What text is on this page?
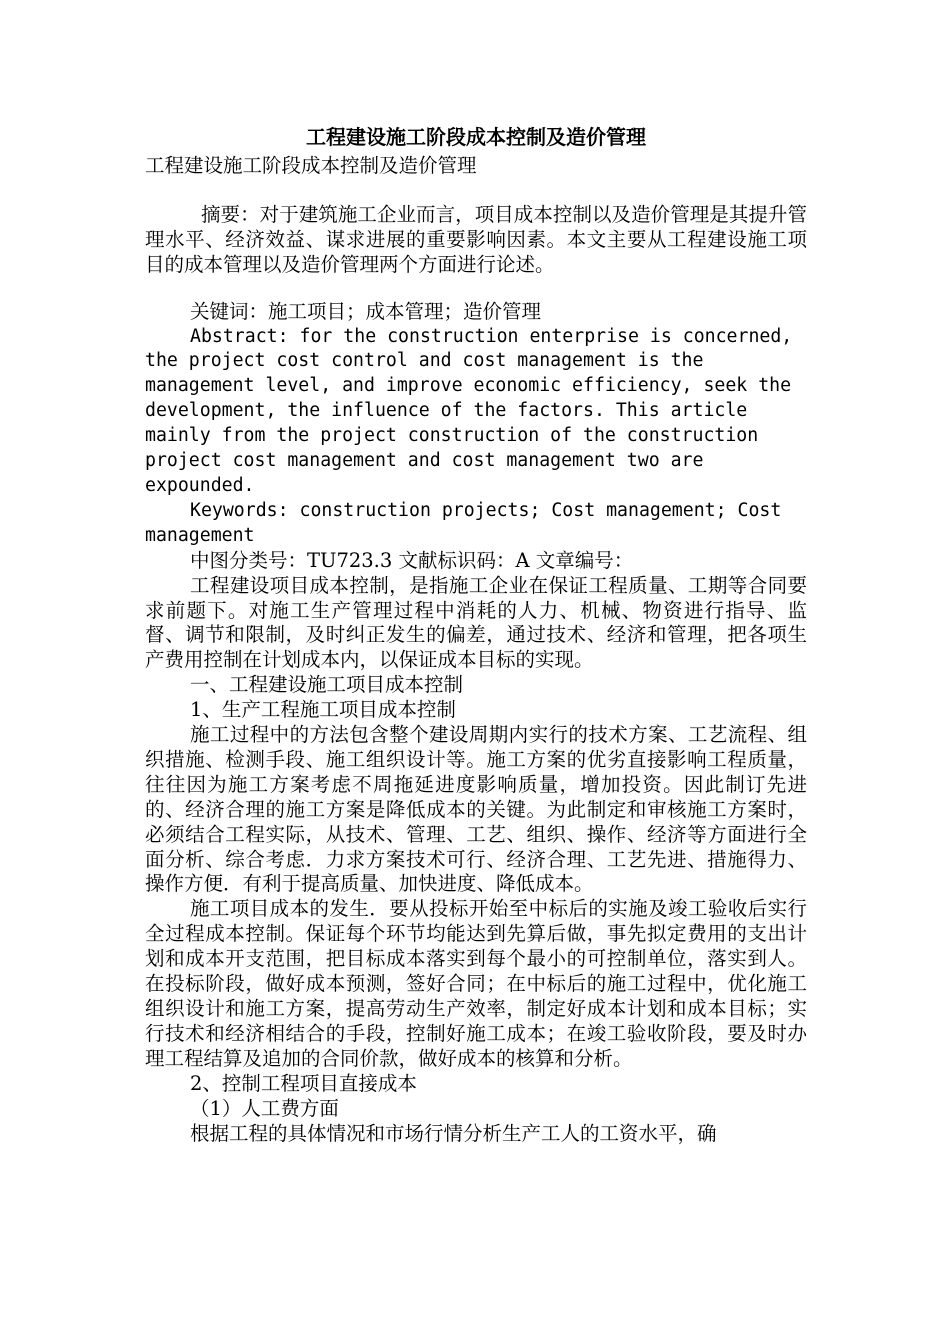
工程建设施工阶段成本控制及造价管理

工程建设施工阶段成本控制及造价管理

摘要：对于建筑施工企业而言，项目成本控制以及造价管理是其提升管理水平、经济效益、谋求进展的重要影响因素。本文主要从工程建设施工项目的成本管理以及造价管理两个方面进行论述。

关键词：施工项目；成本管理；造价管理

Abstract: for the construction enterprise is concerned, the project cost control and cost management is the management level, and improve economic efficiency, seek the development, the influence of the factors. This article mainly from the project construction of the construction project cost management and cost management two are expounded.

Keywords: construction projects; Cost management; Cost management

中图分类号：TU723.3 文献标识码：A 文章编号：

工程建设项目成本控制，是指施工企业在保证工程质量、工期等合同要求前题下。对施工生产管理过程中消耗的人力、机械、物资进行指导、监督、调节和限制，及时纠正发生的偏差，通过技术、经济和管理，把各项生产费用控制在计划成本内，以保证成本目标的实现。

一、工程建设施工项目成本控制

1、生产工程施工项目成本控制

施工过程中的方法包含整个建设周期内实行的技术方案、工艺流程、组织措施、检测手段、施工组织设计等。施工方案的优劣直接影响工程质量，往往因为施工方案考虑不周拖延进度影响质量，增加投资。因此制订先进的、经济合理的施工方案是降低成本的关键。为此制定和审核施工方案时，必须结合工程实际，从技术、管理、工艺、组织、操作、经济等方面进行全面分析、综合考虑．力求方案技术可行、经济合理、工艺先进、措施得力、操作方便．有利于提高质量、加快进度、降低成本。

施工项目成本的发生．要从投标开始至中标后的实施及竣工验收后实行全过程成本控制。保证每个环节均能达到先算后做，事先拟定费用的支出计划和成本开支范围，把目标成本落实到每个最小的可控制单位，落实到人。在投标阶段，做好成本预测，签好合同；在中标后的施工过程中，优化施工组织设计和施工方案，提高劳动生产效率，制定好成本计划和成本目标；实行技术和经济相结合的手段，控制好施工成本；在竣工验收阶段，要及时办理工程结算及追加的合同价款，做好成本的核算和分析。

2、控制工程项目直接成本

（1）人工费方面

根据工程的具体情况和市场行情分析生产工人的工资水平，确
